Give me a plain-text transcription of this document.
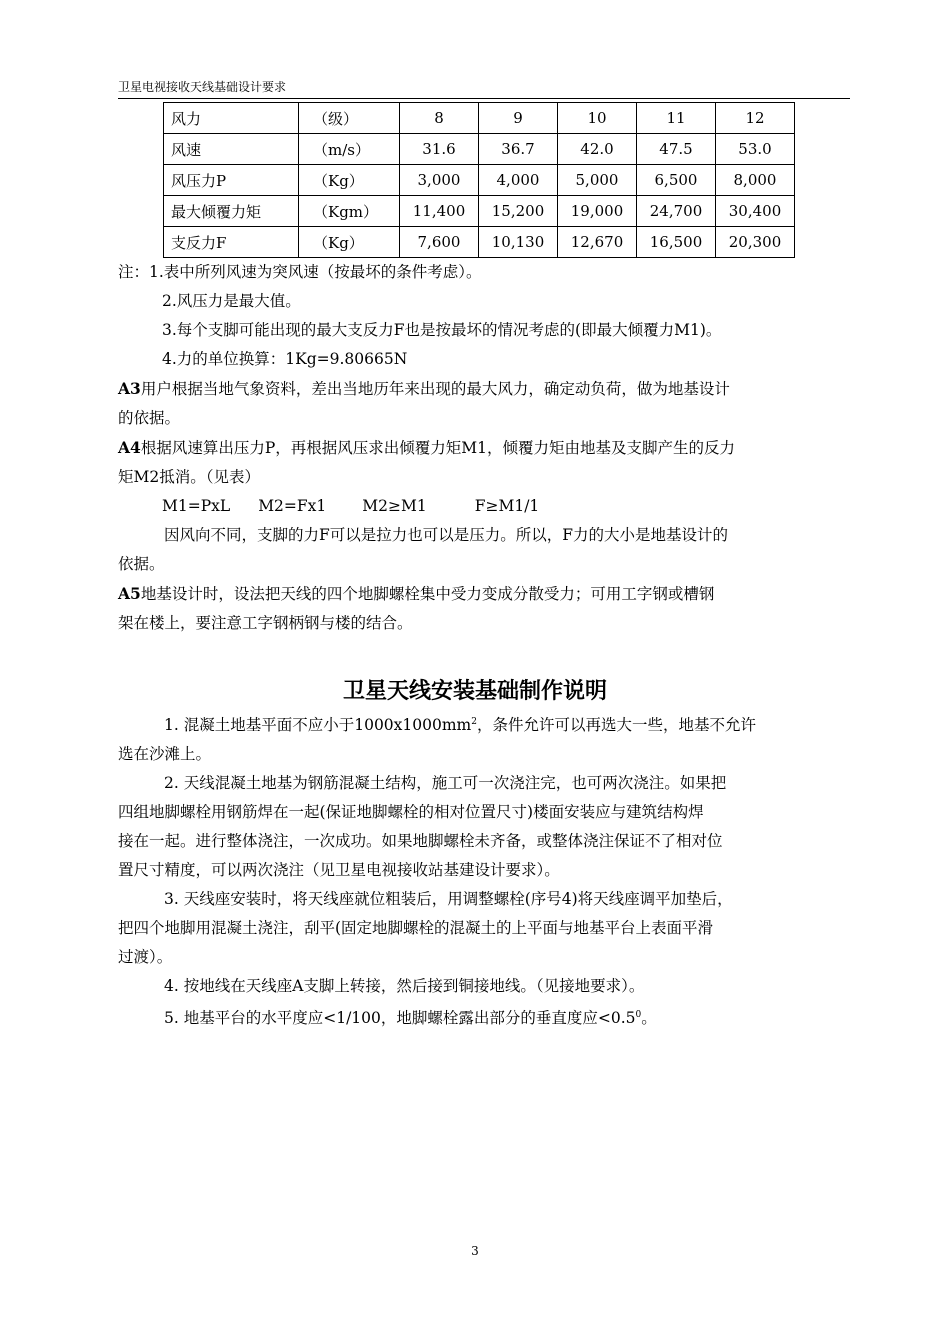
卫星电视接收天线基础设计要求
风力	（级）	8	9	10	11	12
风速	（m/s）	31.6	36.7	42.0	47.5	53.0
风压力P	（Kg）	3,000	4,000	5,000	6,500	8,000
最大倾覆力矩	（Kgm）	11,400	15,200	19,000	24,700	30,400
支反力F	（Kg）	7,600	10,130	12,670	16,500	20,300
注：1.表中所列风速为突风速（按最坏的条件考虑）。
2.风压力是最大值。
3.每个支脚可能出现的最大支反力F也是按最坏的情况考虑的(即最大倾覆力M1)。
4.力的单位换算：1Kg=9.80665N
A3用户根据当地气象资料，差出当地历年来出现的最大风力，确定动负荷，做为地基设计
的依据。
A4根据风速算出压力P，再根据风压求出倾覆力矩M1，倾覆力矩由地基及支脚产生的反力
矩M2抵消。（见表）
M1=PxL M2=Fx1 M2≥M1	F≥M1/1
因风向不同，支脚的力F可以是拉力也可以是压力。所以，F力的大小是地基设计的
依据。
A5地基设计时，设法把天线的四个地脚螺栓集中受力变成分散受力；可用工字钢或槽钢
架在楼上，要注意工字钢柄钢与楼的结合。
卫星天线安装基础制作说明
1. 混凝土地基平面不应小于$1000x1000mm^2$，条件允许可以再选大一些，地基不允许
选在沙滩上。
2. 天线混凝土地基为钢筋混凝土结构，施工可一次浇注完，也可两次浇注。如果把
四组地脚螺栓用钢筋焊在一起(保证地脚螺栓的相对位置尺寸)楼面安装应与建筑结构焊
接在一起。进行整体浇注，一次成功。如果地脚螺栓未齐备，或整体浇注保证不了相对位
置尺寸精度，可以两次浇注（见卫星电视接收站基建设计要求）。
3. 天线座安装时，将天线座就位粗装后，用调整螺栓(序号4)将天线座调平加垫后，
把四个地脚用混凝土浇注，刮平(固定地脚螺栓的混凝土的上平面与地基平台上表面平滑
过渡）。
4. 按地线在天线座A支脚上转接，然后接到铜接地线。（见接地要求）。
5. 地基平台的水平度应<1/100，地脚螺栓露出部分的垂直度应$<0.5^0$。
3
